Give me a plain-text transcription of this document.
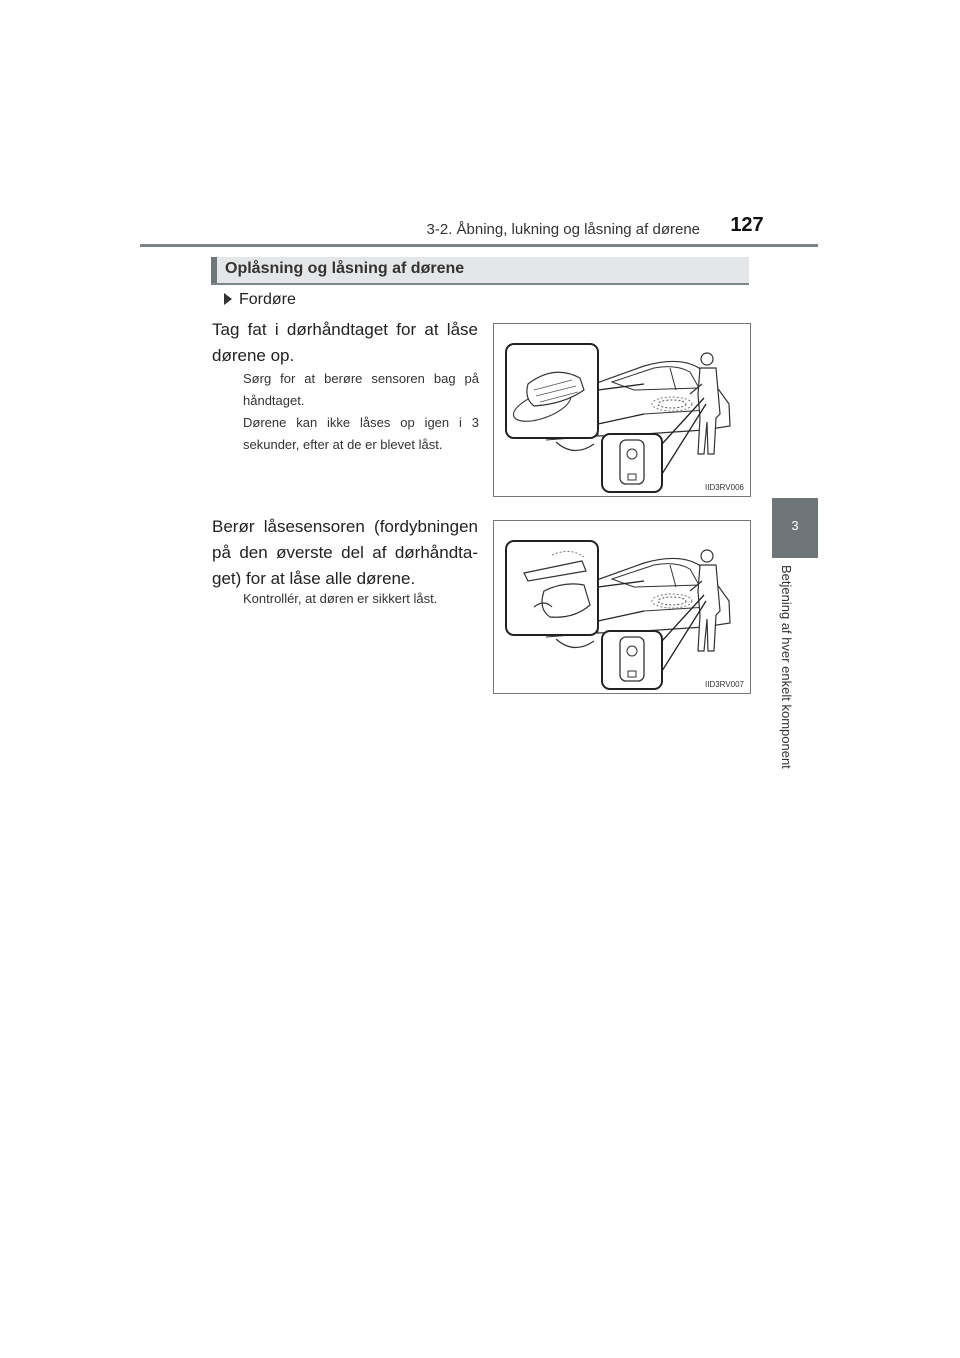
3-2. Åbning, lukning og låsning af dørene	127
3
Betjening af hver enkelt komponent
Oplåsning og låsning af dørene
Fordøre
Tag fat i dørhåndtaget for at låse dørene op.
Sørg for at berøre sensoren bag på håndtaget.
Dørene kan ikke låses op igen i 3 sekunder, efter at de er blevet låst.
Berør låsesensoren (fordybningen på den øverste del af dørhåndta-get) for at låse alle dørene.
Kontrollér, at døren er sikkert låst.
IID3RV006
IID3RV007
